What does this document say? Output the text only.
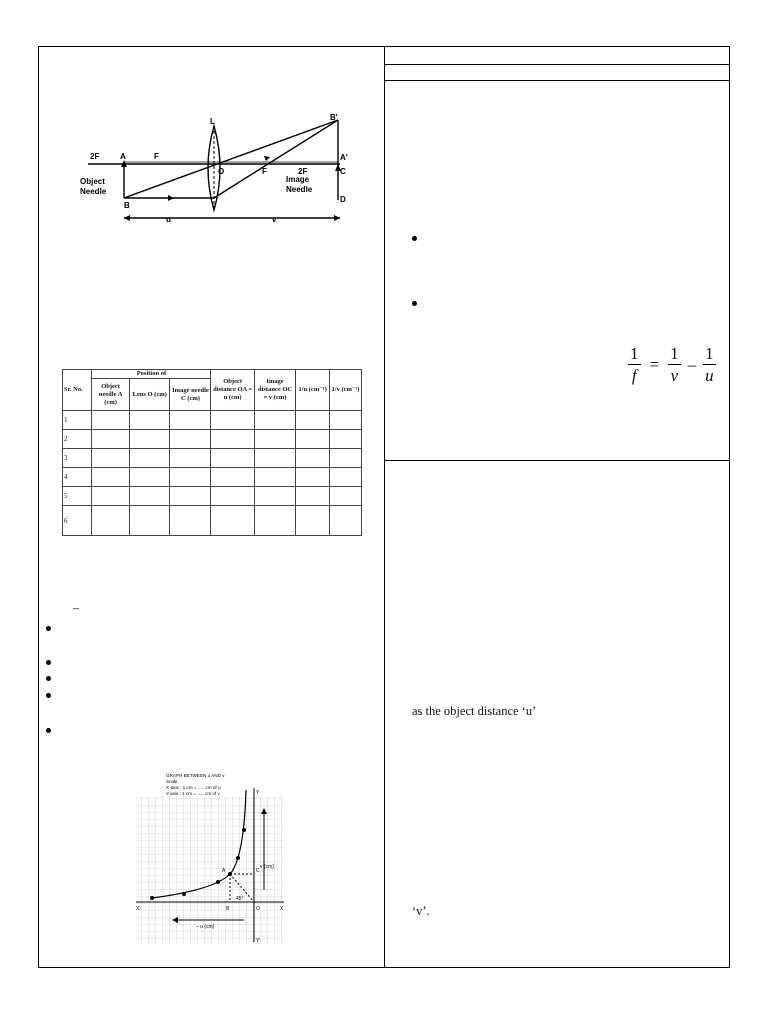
2F	A	F
L	B'
A'
O	F	2F	C
Object
Needle
Image
Needle
B
D
u	v
Sr. No.	Position of			Object distance OA = u (cm)	Image distance OC = v (cm)	1/u (cm⁻¹)	1/v (cm⁻¹)
	Object needle A (cm)	Lens O (cm)	Image needle C (cm)				
1							
2							
3							
4							
5							
6							
–
GRAPH BETWEEN u AND v
Scale
X-axis : 1 cm = ..... cm of u
Y-axis : 1 cm = ..... cm of v	Y
X
X'
Y'
O
A
B
C
v (cm)
– u (cm)
45°
$\frac{1}{f} = \frac{1}{v} - \frac{1}{u}$
as the object distance ‘u’
‘v’.
